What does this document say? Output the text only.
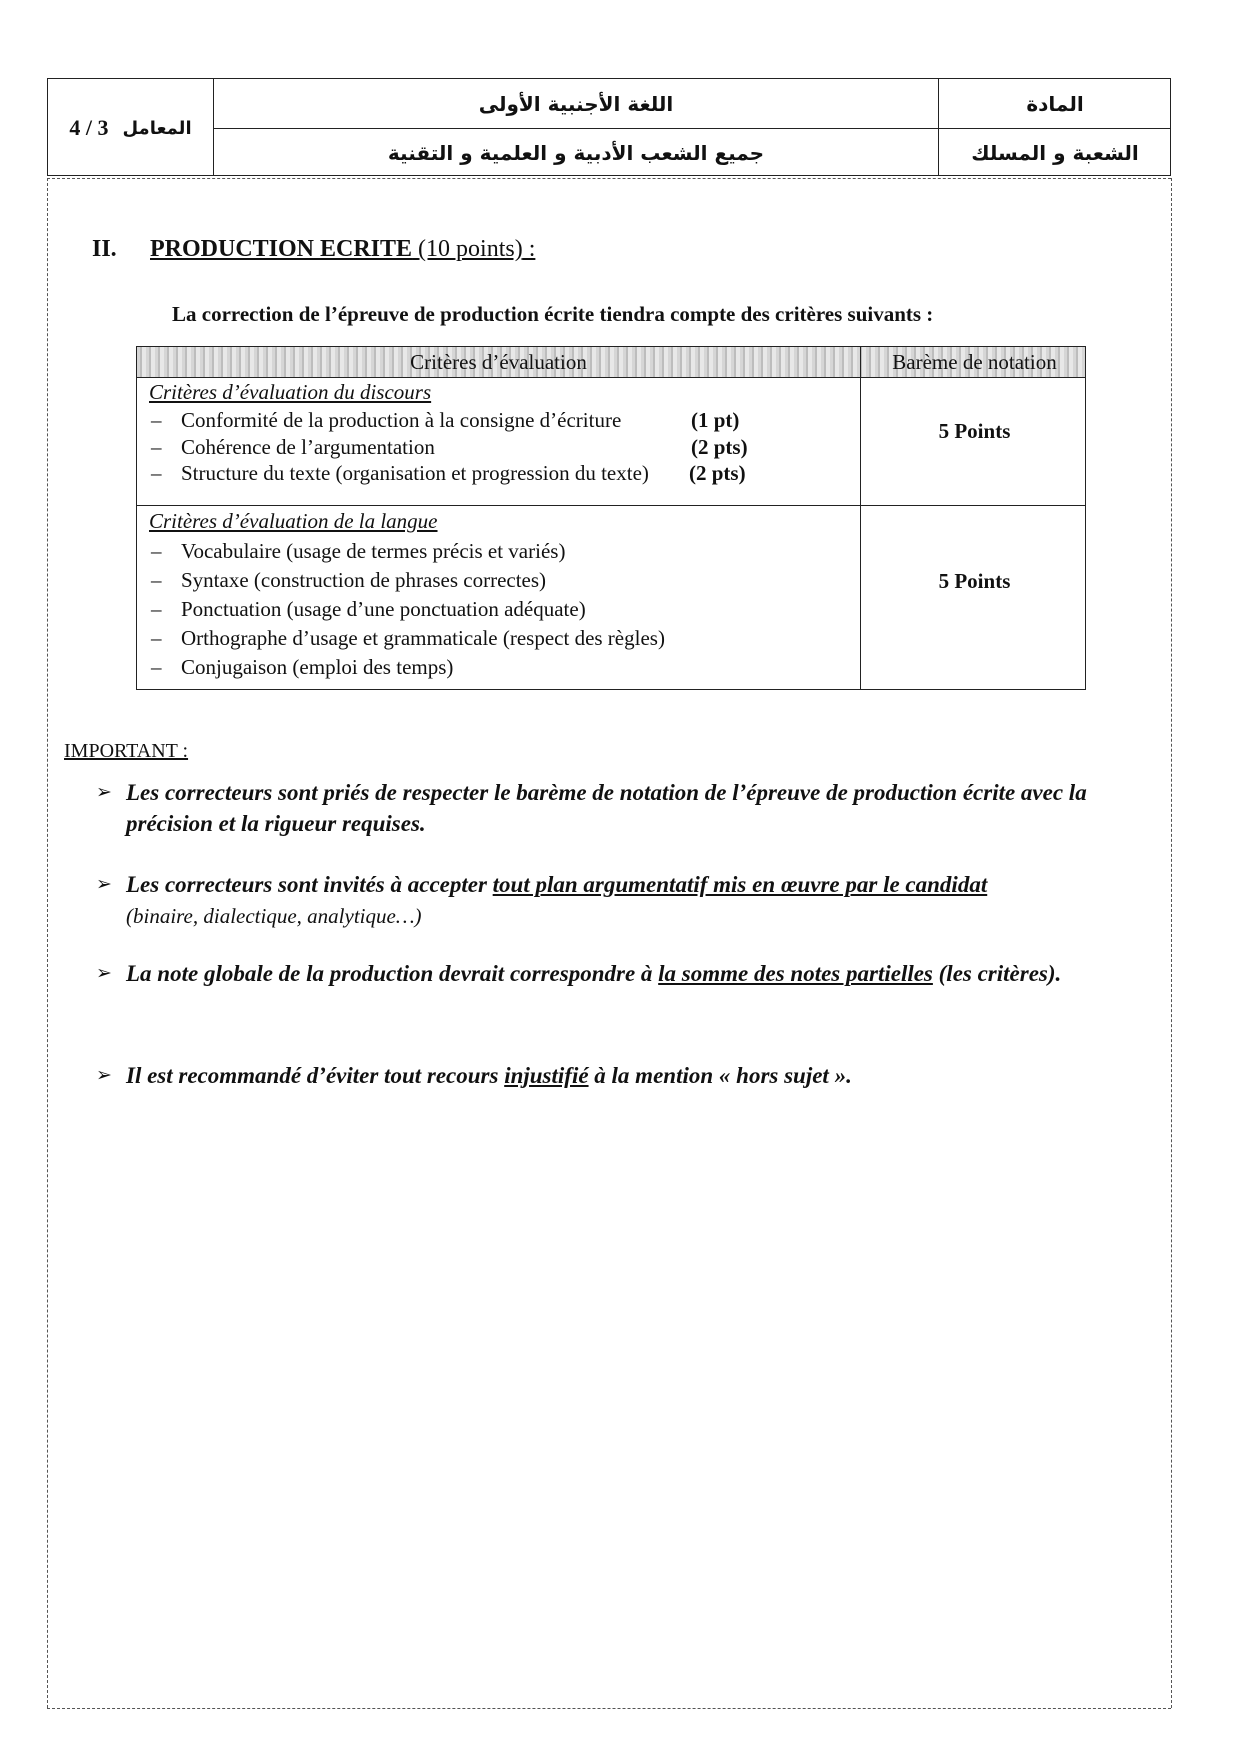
4 / 3 المعامل
اللغة الأجنبية الأولى	المادة
جميع الشعب الأدبية و العلمية و التقنية	الشعبة و المسلك
II. PRODUCTION ECRITE (10 points) :
La correction de l’épreuve de production écrite tiendra compte des critères suivants :
Critères d’évaluation	Barème de notation
Critères d’évaluation du discours
– Conformité de la production à la consigne d’écriture	(1 pt)
– Cohérence de l’argumentation	(2 pts)
– Structure du texte (organisation et progression du texte) (2 pts)
5 Points
Critères d’évaluation de la langue
– Vocabulaire (usage de termes précis et variés)
– Syntaxe (construction de phrases correctes)
– Ponctuation (usage d’une ponctuation adéquate)
– Orthographe d’usage et grammaticale (respect des règles)
– Conjugaison (emploi des temps)
5 Points
IMPORTANT :
➢ Les correcteurs sont priés de respecter le barème de notation de l’épreuve de production écrite avec la précision et la rigueur requises.
➢ Les correcteurs sont invités à accepter tout plan argumentatif mis en œuvre par le candidat
(binaire, dialectique, analytique…)
➢ La note globale de la production devrait correspondre à la somme des notes partielles (les critères).
➢ Il est recommandé d’éviter tout recours injustifié à la mention « hors sujet ».
